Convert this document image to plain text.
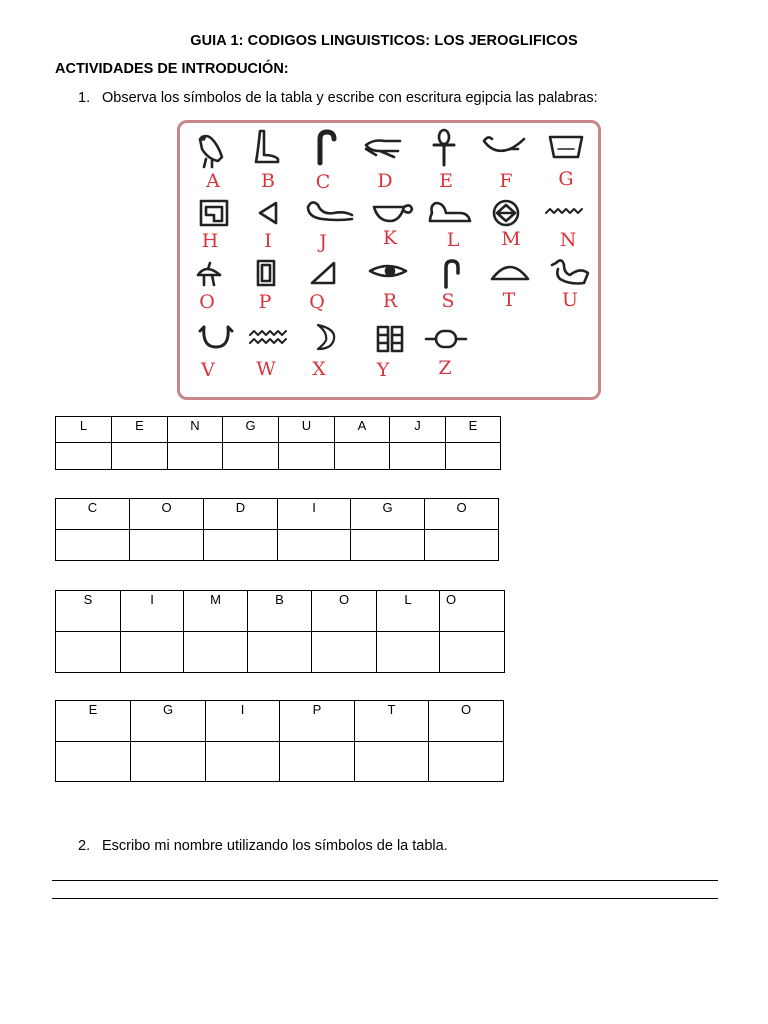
GUIA 1: CODIGOS LINGUISTICOS: LOS JEROGLIFICOS
ACTIVIDADES DE INTRODUCIÓN:
1. Observa los símbolos de la tabla y escribe con escritura egipcia las palabras:
A B C D E F G
H I J	K	L M N
O P Q	R S	T U
V W X	Y	Z
L	E	N	G	U	A	J	E

C	O	D	I	G	O

S	I	M	B	O	L	O

E	G	I	P	T	O

2. Escribo mi nombre utilizando los símbolos de la tabla.
